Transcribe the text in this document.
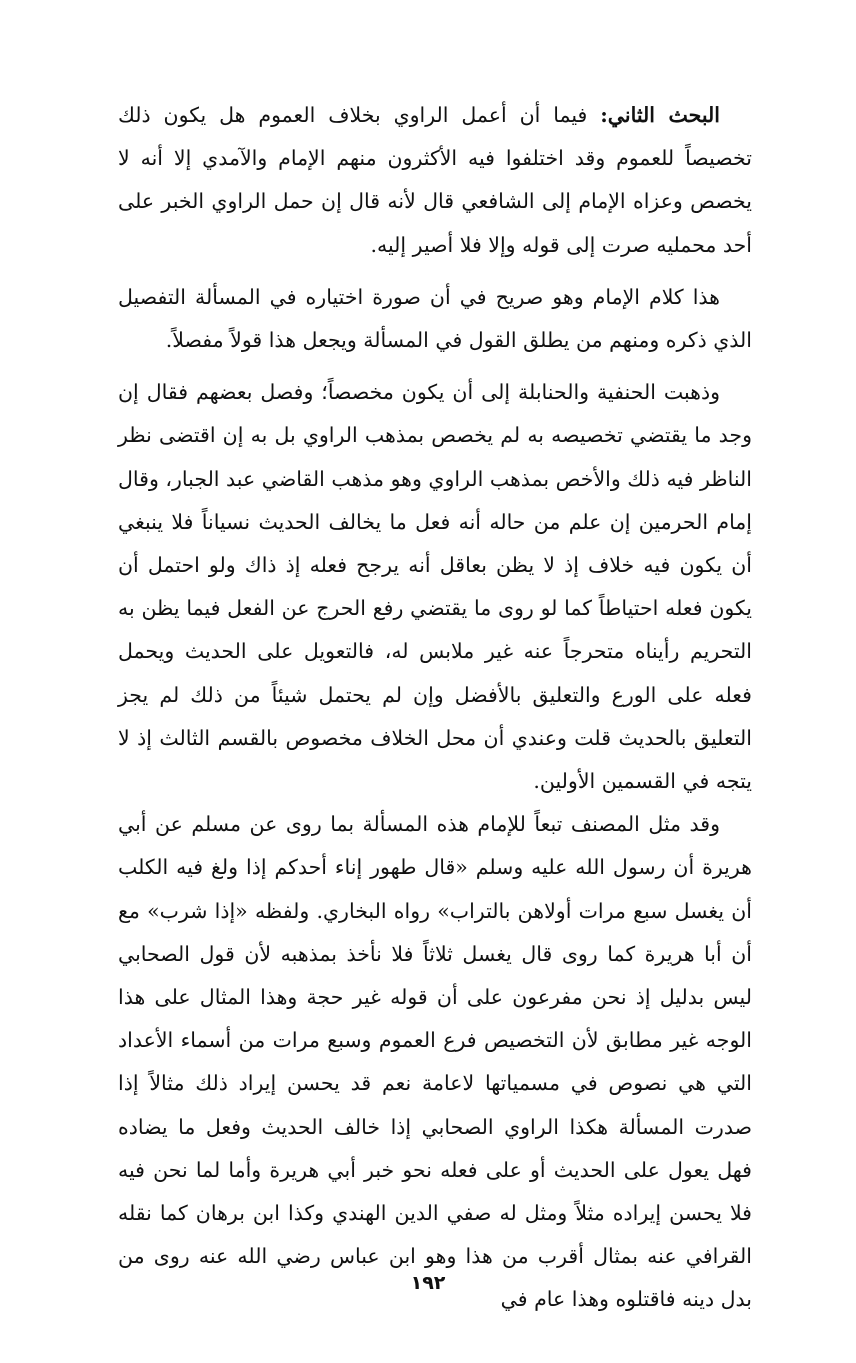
البحث الثاني: فيما أن أعمل الراوي بخلاف العموم هل يكون ذلك تخصيصاً للعموم وقد اختلفوا فيه الأكثرون منهم الإمام والآمدي إلا أنه لا يخصص وعزاه الإمام إلى الشافعي قال لأنه قال إن حمل الراوي الخبر على أحد محمليه صرت إلى قوله وإلا فلا أصير إليه.

هذا كلام الإمام وهو صريح في أن صورة اختياره في المسألة التفصيل الذي ذكره ومنهم من يطلق القول في المسألة ويجعل هذا قولاً مفصلاً.

وذهبت الحنفية والحنابلة إلى أن يكون مخصصاً؛ وفصل بعضهم فقال إن وجد ما يقتضي تخصيصه به لم يخصص بمذهب الراوي بل به إن اقتضى نظر الناظر فيه ذلك والأخص بمذهب الراوي وهو مذهب القاضي عبد الجبار، وقال إمام الحرمين إن علم من حاله أنه فعل ما يخالف الحديث نسياناً فلا ينبغي أن يكون فيه خلاف إذ لا يظن بعاقل أنه يرجح فعله إذ ذاك ولو احتمل أن يكون فعله احتياطاً كما لو روى ما يقتضي رفع الحرج عن الفعل فيما يظن به التحريم رأيناه متحرجاً عنه غير ملابس له، فالتعويل على الحديث ويحمل فعله على الورع والتعليق بالأفضل وإن لم يحتمل شيئاً من ذلك لم يجز التعليق بالحديث قلت وعندي أن محل الخلاف مخصوص بالقسم الثالث إذ لا يتجه في القسمين الأولين.

وقد مثل المصنف تبعاً للإمام هذه المسألة بما روى عن مسلم عن أبي هريرة أن رسول الله عليه وسلم «قال طهور إناء أحدكم إذا ولغ فيه الكلب أن يغسل سبع مرات أولاهن بالتراب» رواه البخاري. ولفظه «إذا شرب» مع أن أبا هريرة كما روى قال يغسل ثلاثاً فلا نأخذ بمذهبه لأن قول الصحابي ليس بدليل إذ نحن مفرعون على أن قوله غير حجة وهذا المثال على هذا الوجه غير مطابق لأن التخصيص فرع العموم وسبع مرات من أسماء الأعداد التي هي نصوص في مسمياتها لاعامة نعم قد يحسن إيراد ذلك مثالاً إذا صدرت المسألة هكذا الراوي الصحابي إذا خالف الحديث وفعل ما يضاده فهل يعول على الحديث أو على فعله نحو خبر أبي هريرة وأما لما نحن فيه فلا يحسن إيراده مثلاً ومثل له صفي الدين الهندي وكذا ابن برهان كما نقله القرافي عنه بمثال أقرب من هذا وهو ابن عباس رضي الله عنه روى من بدل دينه فاقتلوه وهذا عام في

١٩٢
